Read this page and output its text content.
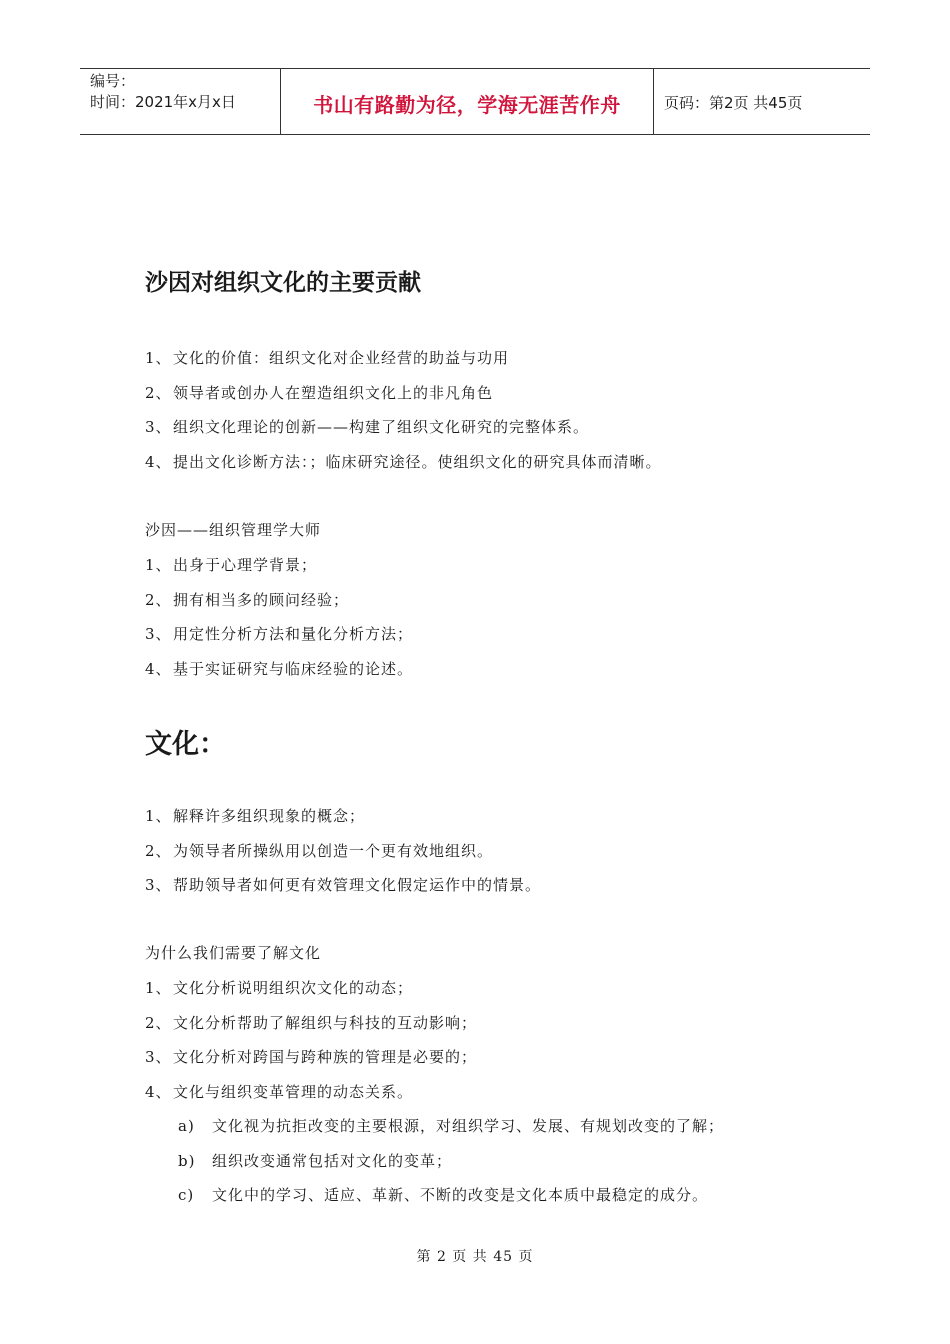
编号：
时间：2021年x月x日	书山有路勤为径，学海无涯苦作舟	页码：第2页 共45页
沙因对组织文化的主要贡献
1、文化的价值：组织文化对企业经营的助益与功用
2、领导者或创办人在塑造组织文化上的非凡角色
3、组织文化理论的创新——构建了组织文化研究的完整体系。
4、提出文化诊断方法：；临床研究途径。使组织文化的研究具体而清晰。

沙因——组织管理学大师

1、出身于心理学背景；
2、拥有相当多的顾问经验；
3、用定性分析方法和量化分析方法；
4、基于实证研究与临床经验的论述。
文化：
1、解释许多组织现象的概念；
2、为领导者所操纵用以创造一个更有效地组织。
3、帮助领导者如何更有效管理文化假定运作中的情景。

为什么我们需要了解文化

1、文化分析说明组织次文化的动态；
2、文化分析帮助了解组织与科技的互动影响；
3、文化分析对跨国与跨种族的管理是必要的；
4、文化与组织变革管理的动态关系。
a) 文化视为抗拒改变的主要根源，对组织学习、发展、有规划改变的了解；
b) 组织改变通常包括对文化的变革；
c) 文化中的学习、适应、革新、不断的改变是文化本质中最稳定的成分。
第 2 页 共 45 页
